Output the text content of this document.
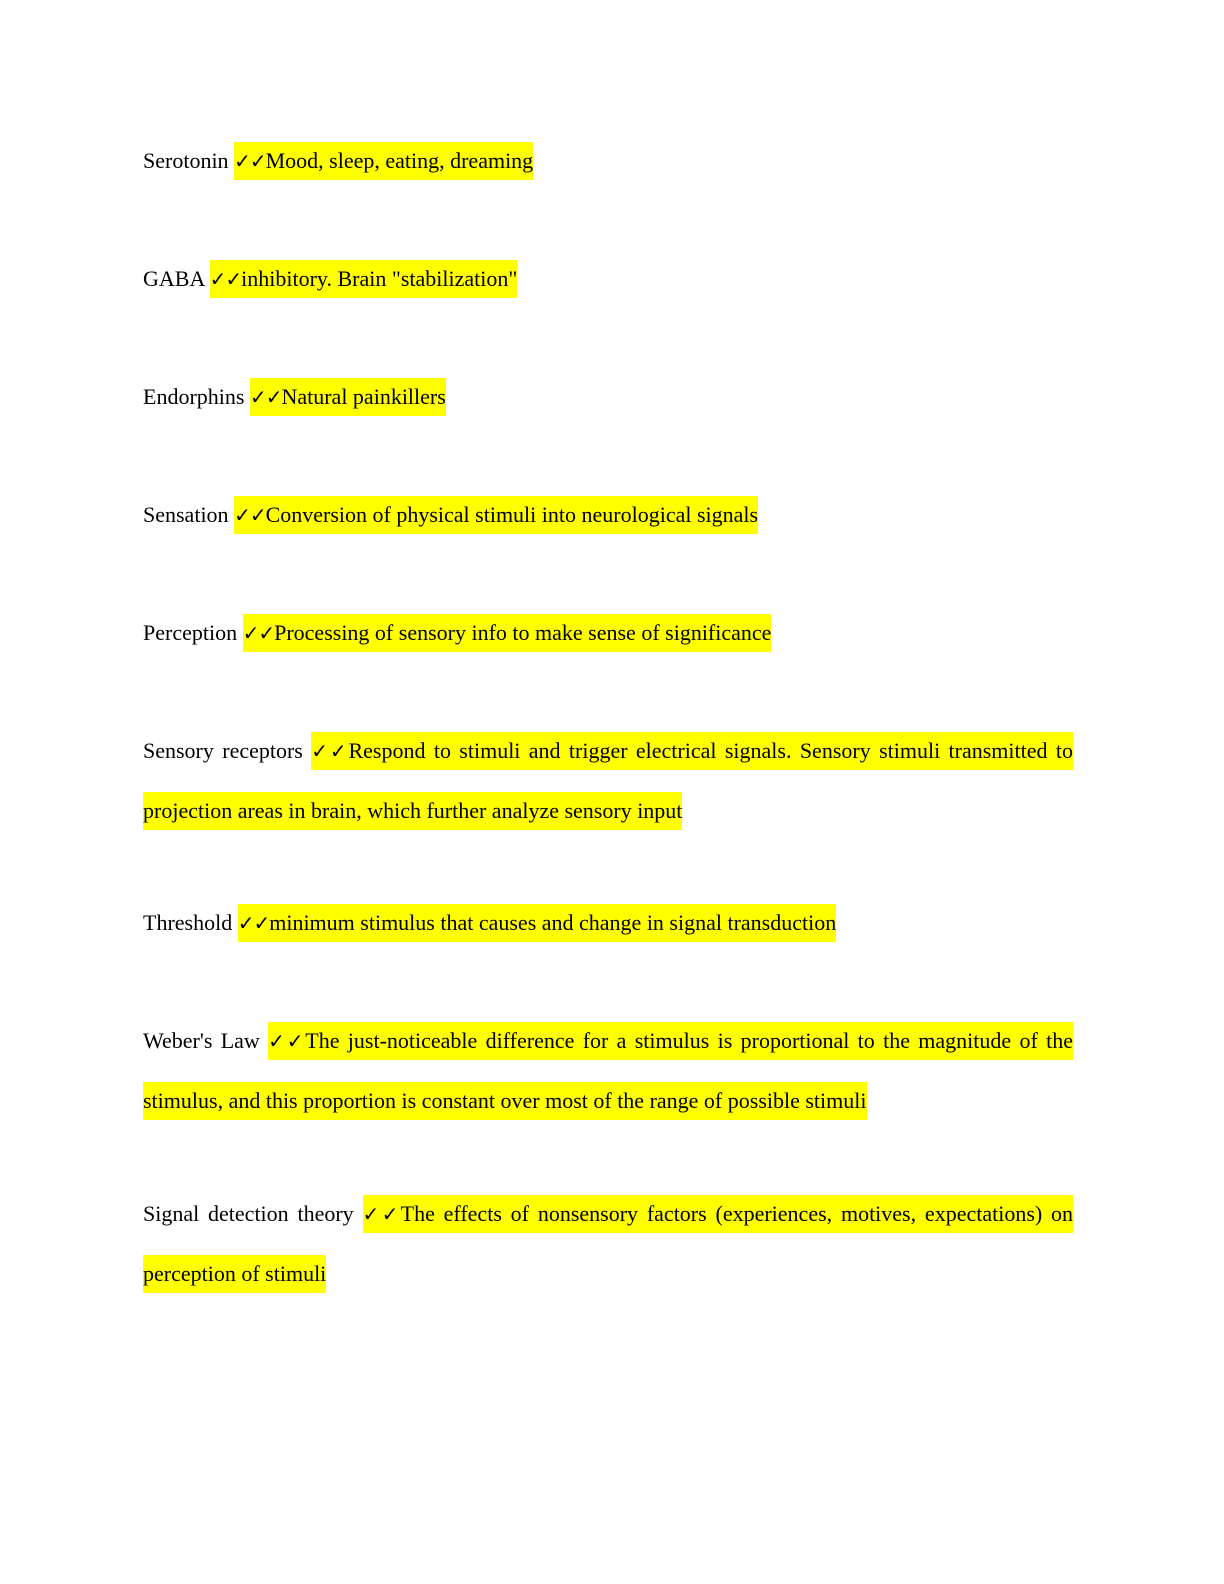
Serotonin ✓✓Mood, sleep, eating, dreaming

GABA ✓✓inhibitory. Brain "stabilization"

Endorphins ✓✓Natural painkillers

Sensation ✓✓Conversion of physical stimuli into neurological signals

Perception ✓✓Processing of sensory info to make sense of significance

Sensory receptors ✓✓Respond to stimuli and trigger electrical signals. Sensory stimuli transmitted to projection areas in brain, which further analyze sensory input

Threshold ✓✓minimum stimulus that causes and change in signal transduction

Weber's Law ✓✓The just-noticeable difference for a stimulus is proportional to the magnitude of the stimulus, and this proportion is constant over most of the range of possible stimuli

Signal detection theory ✓✓The effects of nonsensory factors (experiences, motives, expectations) on perception of stimuli
